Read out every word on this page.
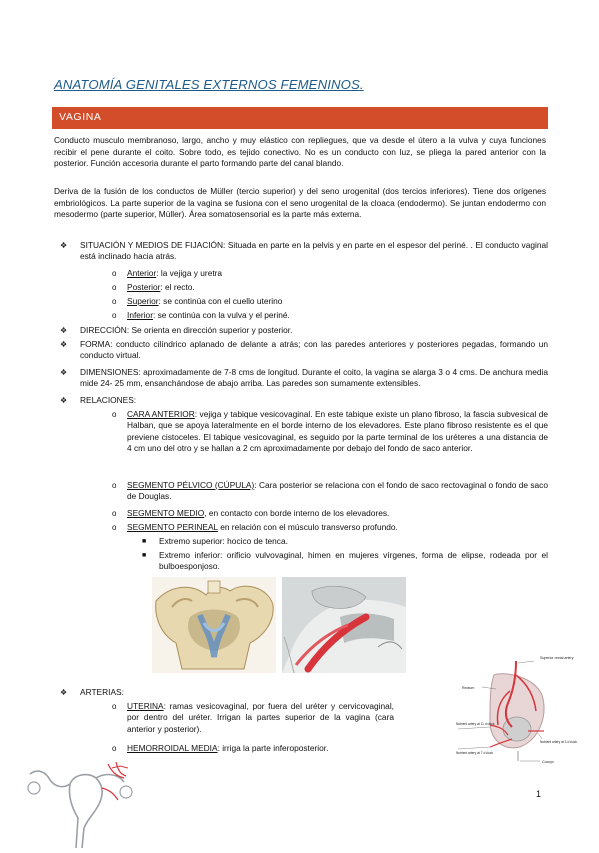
ANATOMÍA GENITALES EXTERNOS FEMENINOS.
VAGINA

Conducto musculo membranoso, largo, ancho y muy elástico con repliegues, que va desde el útero a la vulva y cuya funciones recibir el pene durante el coito. Sobre todo, es tejido conectivo. No es un conducto con luz, se pliega la pared anterior con la posterior. Función accesoria durante el parto formando parte del canal blando.

Deriva de la fusión de los conductos de Müller (tercio superior) y del seno urogenital (dos tercios inferiores). Tiene dos orígenes embriológicos. La parte superior de la vagina se fusiona con el seno urogenital de la cloaca (endodermo). Se juntan endodermo con mesodermo (parte superior, Müller). Área somatosensorial es la parte más externa.

❖ SITUACIÓN Y MEDIOS DE FIJACIÓN: Situada en parte en la pelvis y en parte en el espesor del periné. . El conducto vaginal está inclinado hacia atrás.
o Anterior: la vejiga y uretra
o Posterior: el recto.
o Superior: se continúa con el cuello uterino
o Inferior: se continúa con la vulva y el periné.
❖ DIRECCIÓN: Se orienta en dirección superior y posterior.
❖ FORMA: conducto cilíndrico aplanado de delante a atrás; con las paredes anteriores y posteriores pegadas, formando un conducto virtual.
❖ DIMENSIONES: aproximadamente de 7-8 cms de longitud. Durante el coito, la vagina se alarga 3 o 4 cms. De anchura media mide 24- 25 mm, ensanchándose de abajo arriba. Las paredes son sumamente extensibles.
❖ RELACIONES:
o CARA ANTERIOR: vejiga y tabique vesicovaginal. En este tabique existe un plano fibroso, la fascia subvesical de Halban, que se apoya lateralmente en el borde interno de los elevadores. Este plano fibroso resistente es el que previene cistoceles. El tabique vesicovaginal, es seguido por la parte terminal de los uréteres a una distancia de 4 cm uno del otro y se hallan a 2 cm aproximadamente por debajo del fondo de saco anterior.
o SEGMENTO PÉLVICO (CÚPULA): Cara posterior se relaciona con el fondo de saco rectovaginal o fondo de saco de Douglas.
o SEGMENTO MEDIO, en contacto con borde interno de los elevadores.
o SEGMENTO PERINEAL en relación con el músculo transverso profundo.
■ Extremo superior: hocico de tenca.
■ Extremo inferior: orificio vulvovaginal, himen en mujeres vírgenes, forma de elipse, rodeada por el bulboesponjoso.
❖ ARTERIAS:
o UTERINA: ramas vesicovaginal, por fuera del uréter y cervicovaginal, por dentro del uréter. Irrigan la partes superior de la vagina (cara anterior y posterior).
o HEMORROIDAL MEDIA: irriga la parte inferoposterior.
Superior rectal artery
Rectum
Nutrient artery at 11 o'clock
Nutrient artery at 3 o'clock
Nutrient artery at 7 o'clock
Coccyx
1
